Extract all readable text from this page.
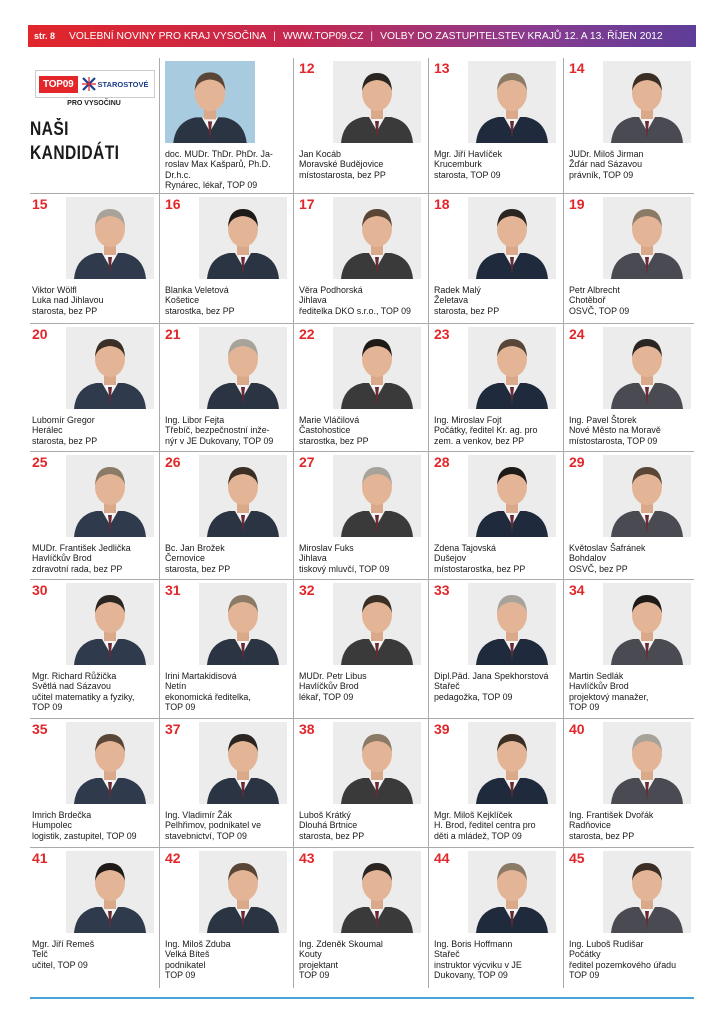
str. 8 VOLEBNÍ NOVINY PRO KRAJ VYSOČINA | WWW.TOP09.CZ | VOLBY DO ZASTUPITELSTEV KRAJŮ 12. A 13. ŘÍJEN 2012
TOP09	STAROSTOVÉ
PRO VYSOČINU
NAŠI
KANDIDÁTI	doc. MUDr. ThDr. PhDr. Ja-
roslav Max Kašparů, Ph.D.
Dr.h.c.
Rynárec, lékař, TOP 09
12
Jan Kocáb
Moravské Budějovice
místostarosta, bez PP
13
Mgr. Jiří Havlíček
Krucemburk
starosta, TOP 09
14
JUDr. Miloš Jirman
Žďár nad Sázavou
právník, TOP 09
15
Viktor Wölfl
Luka nad Jihlavou
starosta, bez PP
16
Blanka Veletová
Košetice
starostka, bez PP
17
Věra Podhorská
Jihlava
ředitelka DKO s.r.o., TOP 09
18
Radek Malý
Želetava
starosta, bez PP
19
Petr Albrecht
Chotěboř
OSVČ, TOP 09
20
Lubomír Gregor
Herálec
starosta, bez PP
21
Ing. Libor Fejta
Třebíč, bezpečnostní inže-
nýr v JE Dukovany, TOP 09
22
Marie Vláčilová
Častohostice
starostka, bez PP
23
Ing. Miroslav Fojt
Počátky, ředitel Kr. ag. pro
zem. a venkov, bez PP
24
Ing. Pavel Štorek
Nové Město na Moravě
místostarosta, TOP 09
25
MUDr. František Jedlička
Havlíčkův Brod
zdravotní rada, bez PP
26
Bc. Jan Brožek
Černovice
starosta, bez PP
27
Miroslav Fuks
Jihlava
tiskový mluvčí, TOP 09
28
Zdena Tajovská
Dušejov
místostarostka, bez PP
29
Květoslav Šafránek
Bohdalov
OSVČ, bez PP
30
Mgr. Richard Růžička
Světlá nad Sázavou
učitel matematiky a fyziky,
TOP 09
31
Irini Martakidisová
Netín
ekonomická ředitelka,
TOP 09
32
MUDr. Petr Libus
Havlíčkův Brod
lékař, TOP 09
33
Dipl.Päd. Jana Spekhorstová
Stařeč
pedagožka, TOP 09
34
Martin Sedlák
Havlíčkův Brod
projektový manažer,
TOP 09
35
Imrich Brdečka
Humpolec
logistik, zastupitel, TOP 09
37
Ing. Vladimír Žák
Pelhřimov, podnikatel ve
stavebnictví, TOP 09
38
Luboš Krátký
Dlouhá Brtnice
starosta, bez PP
39
Mgr. Miloš Kejklíček
H. Brod, ředitel centra pro
děti a mládež, TOP 09
40
Ing. František Dvořák
Radňovice
starosta, bez PP
41
Mgr. Jiří Remeš
Telč
učitel, TOP 09
42
Ing. Miloš Zduba
Velká Bíteš
podnikatel
TOP 09
43
Ing. Zdeněk Skoumal
Kouty
projektant
TOP 09
44
Ing. Boris Hoffmann
Stařeč
instruktor výcviku v JE
Dukovany, TOP 09
45
Ing. Luboš Rudišar
Počátky
ředitel pozemkového úřadu
TOP 09
